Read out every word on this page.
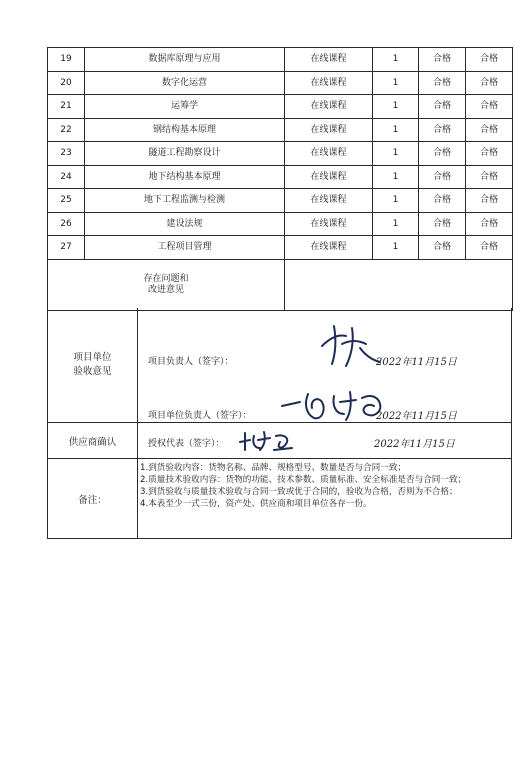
19	数据库原理与应用	在线课程	1	合格	合格
20	数字化运营	在线课程	1	合格	合格
21	运筹学	在线课程	1	合格	合格
22	钢结构基本原理	在线课程	1	合格	合格
23	隧道工程勘察设计	在线课程	1	合格	合格
24	地下结构基本原理	在线课程	1	合格	合格
25	地下工程监测与检测	在线课程	1	合格	合格
26	建设法规	在线课程	1	合格	合格
27	工程项目管理	在线课程	1	合格	合格
存在问题和
改进意见					
项目单位
验收意见
项目负责人（签字）：	2022年11月15日
项目单位负责人（签字）：	2022年11月15日
供应商确认	授权代表（签字）：	2022年11月15日
备注：
1.到货验收内容：货物名称、品牌、规格型号、数量是否与合同一致；
2.质量技术验收内容：货物的功能、技术参数、质量标准、安全标准是否与合同一致；
3.到货验收与质量技术验收与合同一致或优于合同的，验收为合格，否则为不合格；
4.本表至少一式三份，资产处、供应商和项目单位各存一份。
